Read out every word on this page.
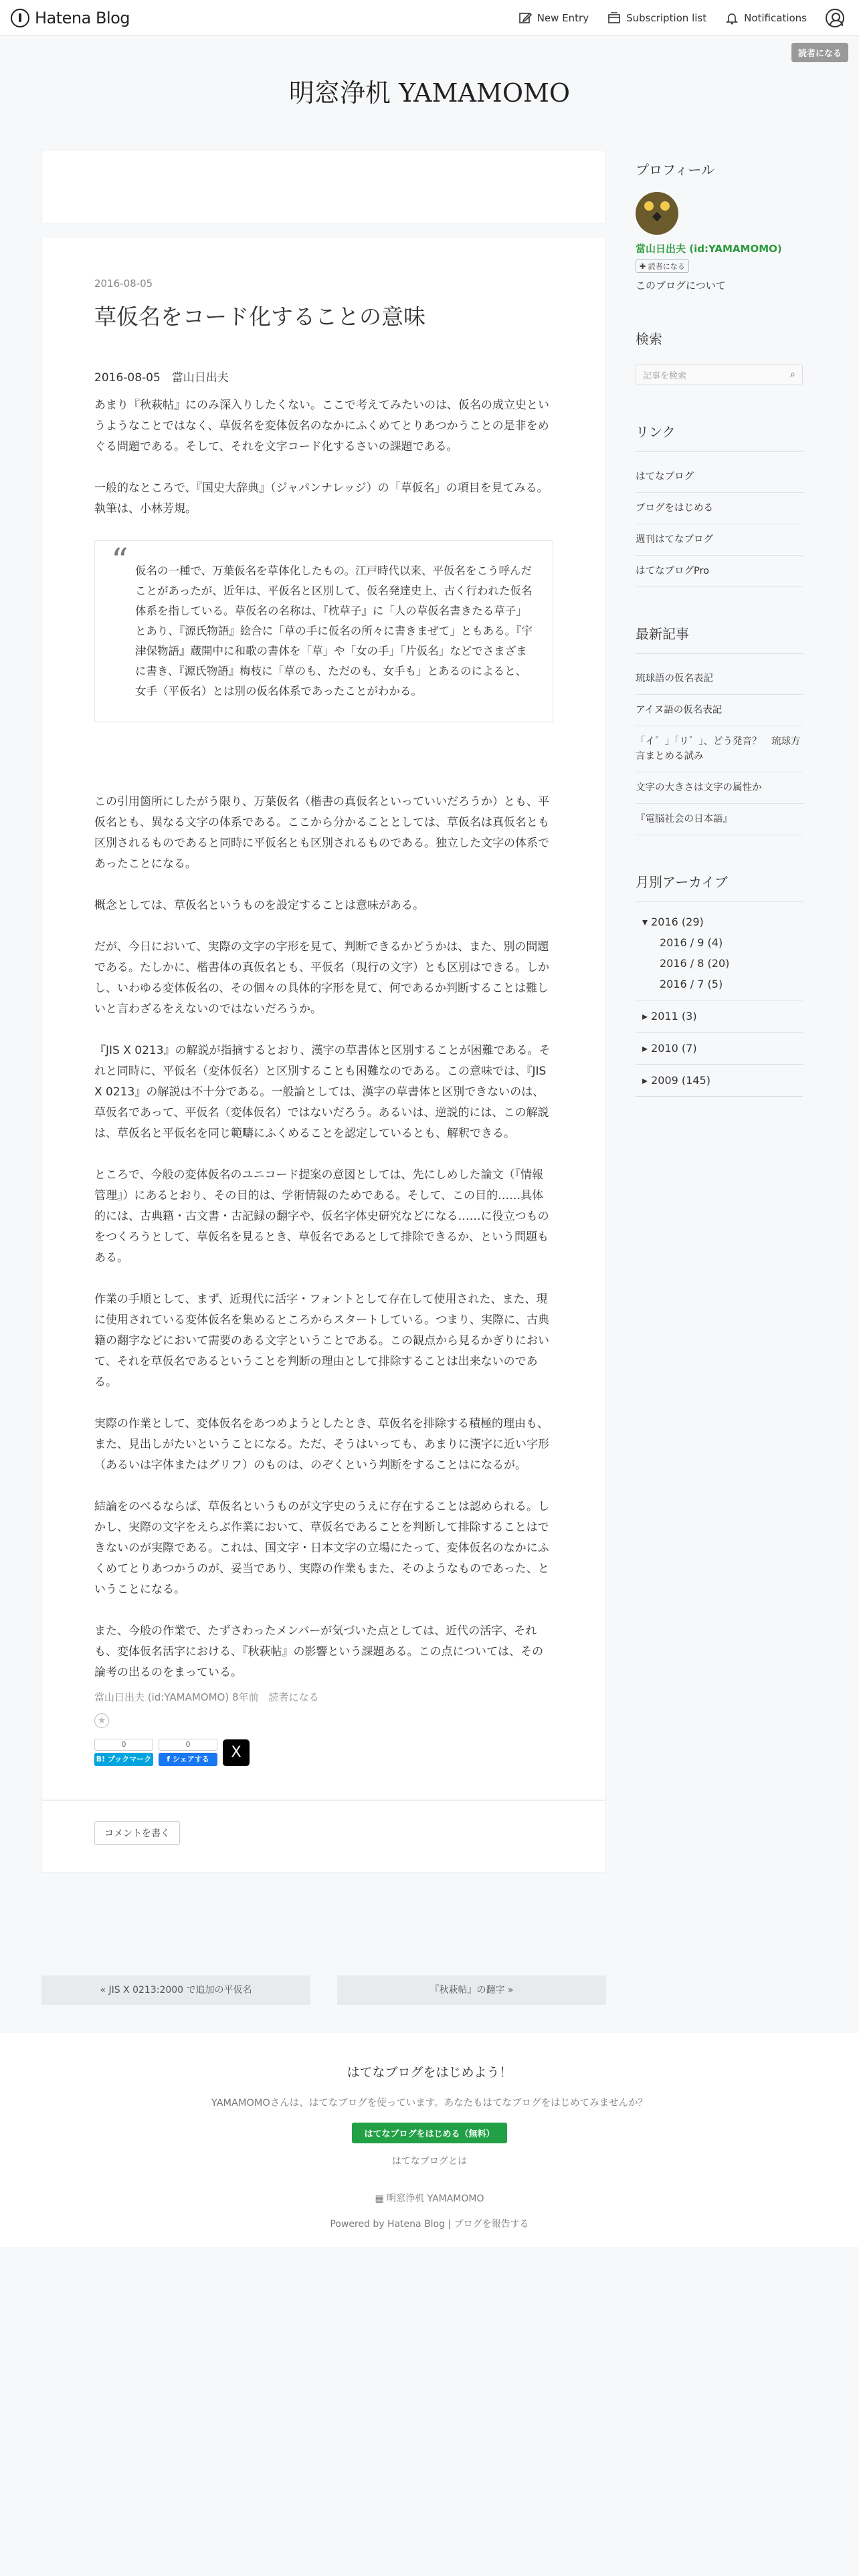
Hatena Blog	New Entry	Subscription list	Notifications
読者になる
明窓浄机 YAMAMOMO
2016-08-05
草仮名をコード化することの意味

2016-08-05　當山日出夫

あまり『秋萩帖』にのみ深入りしたくない。ここで考えてみたいのは、仮名の成立史というようなことではなく、草仮名を変体仮名のなかにふくめてとりあつかうことの是非をめぐる問題である。そして、それを文字コード化するさいの課題である。

一般的なところで、『国史大辞典』（ジャパンナレッジ）の「草仮名」の項目を見てみる。執筆は、小林芳規。

“ 仮名の一種で、万葉仮名を草体化したもの。江戸時代以来、平仮名をこう呼んだことがあったが、近年は、平仮名と区別して、仮名発達史上、古く行われた仮名体系を指している。草仮名の名称は、『枕草子』に「人の草仮名書きたる草子」とあり、『源氏物語』絵合に「草の手に仮名の所々に書きまぜて」ともある。『宇津保物語』蔵開中に和歌の書体を「草」や「女の手」「片仮名」などでさまざまに書き、『源氏物語』梅枝に「草のも、ただのも、女手も」とあるのによると、女手（平仮名）とは別の仮名体系であったことがわかる。

この引用箇所にしたがう限り、万葉仮名（楷書の真仮名といっていいだろうか）とも、平仮名とも、異なる文字の体系である。ここから分かることとしては、草仮名は真仮名とも区別されるものであると同時に平仮名とも区別されるものである。独立した文字の体系であったことになる。

概念としては、草仮名というものを設定することは意味がある。

だが、今日において、実際の文字の字形を見て、判断できるかどうかは、また、別の問題である。たしかに、楷書体の真仮名とも、平仮名（現行の文字）とも区別はできる。しかし、いわゆる変体仮名の、その個々の具体的字形を見て、何であるか判断することは難しいと言わざるをえないのではないだろうか。

『JIS X 0213』の解説が指摘するとおり、漢字の草書体と区別することが困難である。それと同時に、平仮名（変体仮名）と区別することも困難なのである。この意味では、『JIS X 0213』の解説は不十分である。一般論としては、漢字の草書体と区別できないのは、草仮名であって、平仮名（変体仮名）ではないだろう。あるいは、逆説的には、この解説は、草仮名と平仮名を同じ範疇にふくめることを認定しているとも、解釈できる。

ところで、今般の変体仮名のユニコード提案の意図としては、先にしめした論文（『情報管理』）にあるとおり、その目的は、学術情報のためである。そして、この目的……具体的には、古典籍・古文書・古記録の翻字や、仮名字体史研究などになる……に役立つものをつくろうとして、草仮名を見るとき、草仮名であるとして排除できるか、という問題もある。

作業の手順として、まず、近現代に活字・フォントとして存在して使用された、また、現に使用されている変体仮名を集めるところからスタートしている。つまり、実際に、古典籍の翻字などにおいて需要のある文字ということである。この観点から見るかぎりにおいて、それを草仮名であるということを判断の理由として排除することは出来ないのである。

実際の作業として、変体仮名をあつめようとしたとき、草仮名を排除する積極的理由も、また、見出しがたいということになる。ただ、そうはいっても、あまりに漢字に近い字形（あるいは字体またはグリフ）のものは、のぞくという判断をすることはになるが。

結論をのべるならば、草仮名というものが文字史のうえに存在することは認められる。しかし、実際の文字をえらぶ作業において、草仮名であることを判断して排除することはできないのが実際である。これは、国文字・日本文字の立場にたって、変体仮名のなかにふくめてとりあつかうのが、妥当であり、実際の作業もまた、そのようなものであった、ということになる。

また、今般の作業で、たずさわったメンバーが気づいた点としては、近代の活字、それも、変体仮名活字における、『秋萩帖』の影響という課題ある。この点については、その論考の出るのをまっている。

當山日出夫 (id:YAMAMOMO) 8年前　読者になる
★
0
B! ブックマーク
0
f シェアする	X
コメントを書く
« JIS X 0213:2000 で追加の平仮名	『秋萩帖』の翻字 »
プロフィール
當山日出夫 (id:YAMAMOMO)
✚ 読者になる
このブログについて
検索
記事を検索	⌕
リンク
はてなブログ
ブログをはじめる
週刊はてなブログ
はてなブログPro
最新記事
琉球語の仮名表記
アイヌ語の仮名表記
「イ゛」「リ゛」、どう発音？　琉球方言まとめる試み
文字の大きさは文字の属性か
『電脳社会の日本語』
月別アーカイブ
▾ 2016 (29)
2016 / 9 (4)
2016 / 8 (20)
2016 / 7 (5)
▸ 2011 (3)
▸ 2010 (7)
▸ 2009 (145)
はてなブログをはじめよう！
YAMAMOMOさんは、はてなブログを使っています。あなたもはてなブログをはじめてみませんか？
はてなブログをはじめる（無料）
はてなブログとは
▦ 明窓浄机 YAMAMOMO
Powered by Hatena Blog | ブログを報告する
